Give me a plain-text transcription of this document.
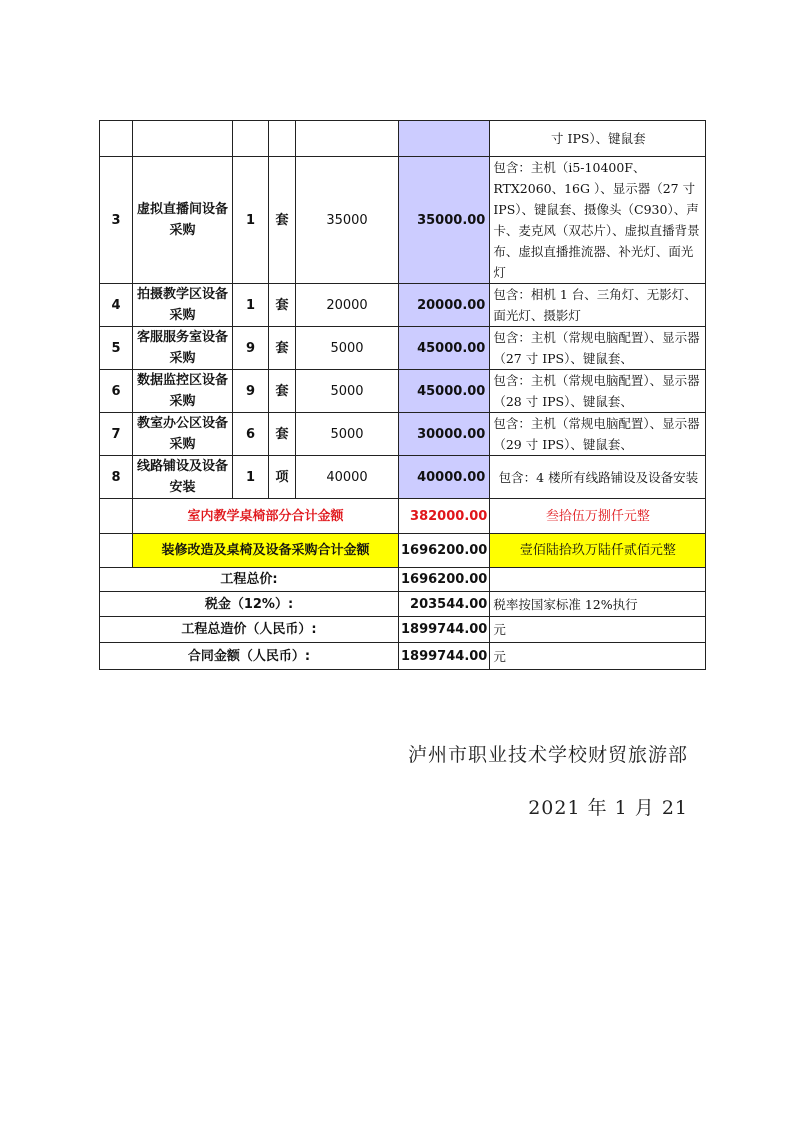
						寸 IPS）、键鼠套
3	虚拟直播间设备采购	1	套	35000	35000.00	包含：主机（i5-10400F、RTX2060、16G ）、显示器（27 寸 IPS）、键鼠套、摄像头（C930）、声卡、麦克风（双芯片）、虚拟直播背景布、虚拟直播推流器、补光灯、面光灯
4	拍摄教学区设备采购	1	套	20000	20000.00	包含：相机 1 台、三角灯、无影灯、面光灯、摄影灯
5	客服服务室设备采购	9	套	5000	45000.00	包含：主机（常规电脑配置）、显示器（27 寸 IPS）、键鼠套、
6	数据监控区设备采购	9	套	5000	45000.00	包含：主机（常规电脑配置）、显示器（28 寸 IPS）、键鼠套、
7	教室办公区设备采购	6	套	5000	30000.00	包含：主机（常规电脑配置）、显示器（29 寸 IPS）、键鼠套、
8	线路铺设及设备安装	1	项	40000	40000.00	包含：4 楼所有线路铺设及设备安装
	室内教学桌椅部分合计金额				382000.00	叁拾伍万捌仟元整
	装修改造及桌椅及设备采购合计金额				1696200.00	壹佰陆拾玖万陆仟贰佰元整
工程总价:					1696200.00	
税金（12%）:					203544.00	税率按国家标准 12%执行
工程总造价（人民币）:					1899744.00	元
合同金额（人民币）:					1899744.00	元
泸州市职业技术学校财贸旅游部
2021 年 1 月 21
